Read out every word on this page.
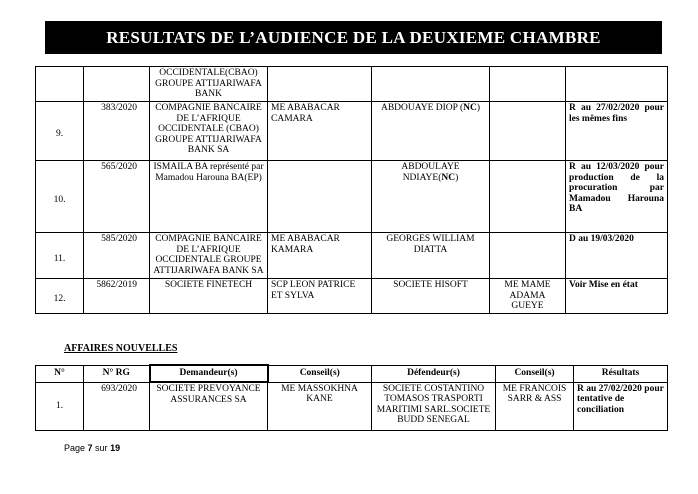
RESULTATS DE L’AUDIENCE DE LA DEUXIEME CHAMBRE
		OCCIDENTALE(CBAO) GROUPE ATTIJARIWAFA BANK				
9.	383/2020	COMPAGNIE BANCAIRE DE L’AFRIQUE OCCIDENTALE (CBAO) GROUPE ATTIJARIWAFA BANK SA	ME ABABACAR CAMARA	ABDOUAYE DIOP (NC)		R au 27/02/2020 pour les mêmes fins
10.	565/2020	ISMAILA BA représenté par Mamadou Harouna BA(EP)		ABDOULAYE NDIAYE(NC)		R au 12/03/2020 pour production de la procuration par Mamadou Harouna BA
11.	585/2020	COMPAGNIE BANCAIRE DE L’AFRIQUE OCCIDENTALE GROUPE ATTIJARIWAFA BANK SA	ME ABABACAR KAMARA	GEORGES WILLIAM DIATTA		D au 19/03/2020
12.	5862/2019	SOCIETE FINETECH	SCP LEON PATRICE ET SYLVA	SOCIETE HISOFT	ME MAME ADAMA GUEYE	Voir Mise en état
AFFAIRES NOUVELLES
N°	N° RG	Demandeur(s)	Conseil(s)	Défendeur(s)	Conseil(s)	Résultats
1.	693/2020	SOCIETE PREVOYANCE ASSURANCES SA	ME MASSOKHNA KANE	SOCIETE COSTANTINO TOMASOS TRASPORTI MARITIMI SARL.SOCIETE BUDD SENEGAL	ME FRANCOIS SARR & ASS	R au 27/02/2020 pour tentative de conciliation
Page 7 sur 19
